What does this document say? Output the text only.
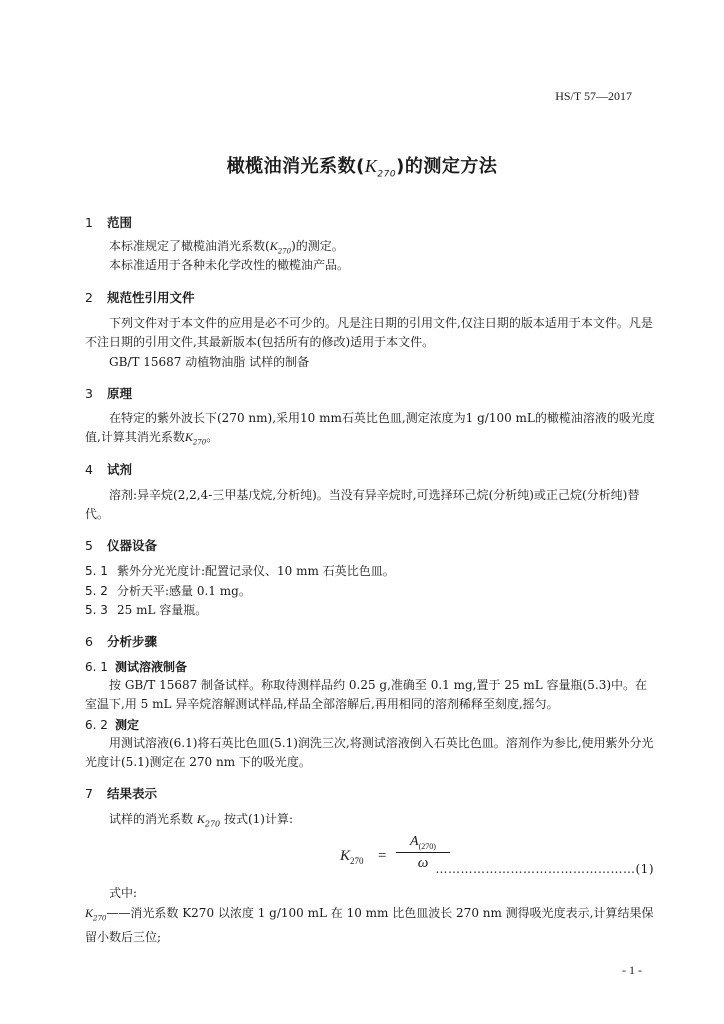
HS/T 57—2017
橄榄油消光系数$(K_{270})$的测定方法
1 范围
本标准规定了橄榄油消光系数$(K_{270})$的测定。
本标准适用于各种未化学改性的橄榄油产品。
2 规范性引用文件
下列文件对于本文件的应用是必不可少的。凡是注日期的引用文件,仅注日期的版本适用于本文件。凡是不注日期的引用文件,其最新版本(包括所有的修改)适用于本文件。
GB/T 15687 动植物油脂 试样的制备
3 原理
在特定的紫外波长下(270 nm),采用10 mm石英比色皿,测定浓度为1 g/100 mL的橄榄油溶液的吸光度值,计算其消光系数$K_{270}$。
4 试剂
溶剂:异辛烷(2,2,4-三甲基戊烷,分析纯)。当没有异辛烷时,可选择环己烷(分析纯)或正己烷(分析纯)替代。
5 仪器设备
5. 1 紫外分光光度计:配置记录仪、10 mm 石英比色皿。
5. 2 分析天平:感量 0.1 mg。
5. 3 25 mL 容量瓶。
6 分析步骤
6. 1 测试溶液制备
按 GB/T 15687 制备试样。称取待测样品约 0.25 g,准确至 0.1 mg,置于 25 mL 容量瓶(5.3)中。在室温下,用 5 mL 异辛烷溶解测试样品,样品全部溶解后,再用相同的溶剂稀释至刻度,摇匀。
6. 2 测定
用测试溶液(6.1)将石英比色皿(5.1)润洗三次,将测试溶液倒入石英比色皿。溶剂作为参比,使用紫外分光光度计(5.1)测定在 270 nm 下的吸光度。
7 结果表示
试样的消光系数 $K_{270}$ 按式(1)计算:
$K_{270}$ =
$A_{(270)}$
ω …………………………………………(1)
式中:
$K_{270}——$消光系数 K270 以浓度 1 g/100 mL 在 10 mm 比色皿波长 270 nm 测得吸光度表示,计算结果保留小数后三位;
- 1 -
